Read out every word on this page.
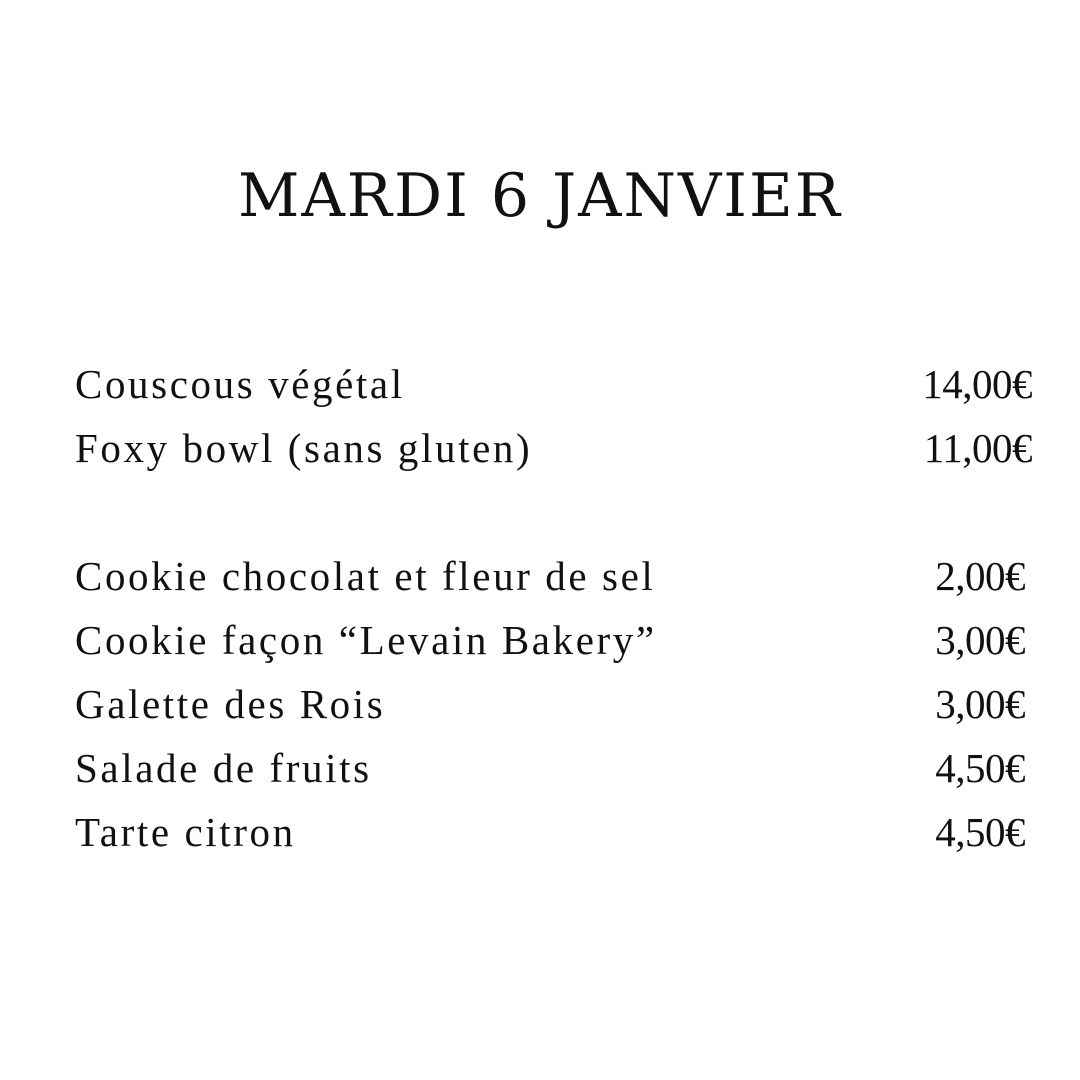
MARDI 6 JANVIER
Couscous végétal	14,00€
Foxy bowl (sans gluten)	11,00€
Cookie chocolat et fleur de sel	2,00€
Cookie façon “Levain Bakery”	3,00€
Galette des Rois	3,00€
Salade de fruits	4,50€
Tarte citron	4,50€
